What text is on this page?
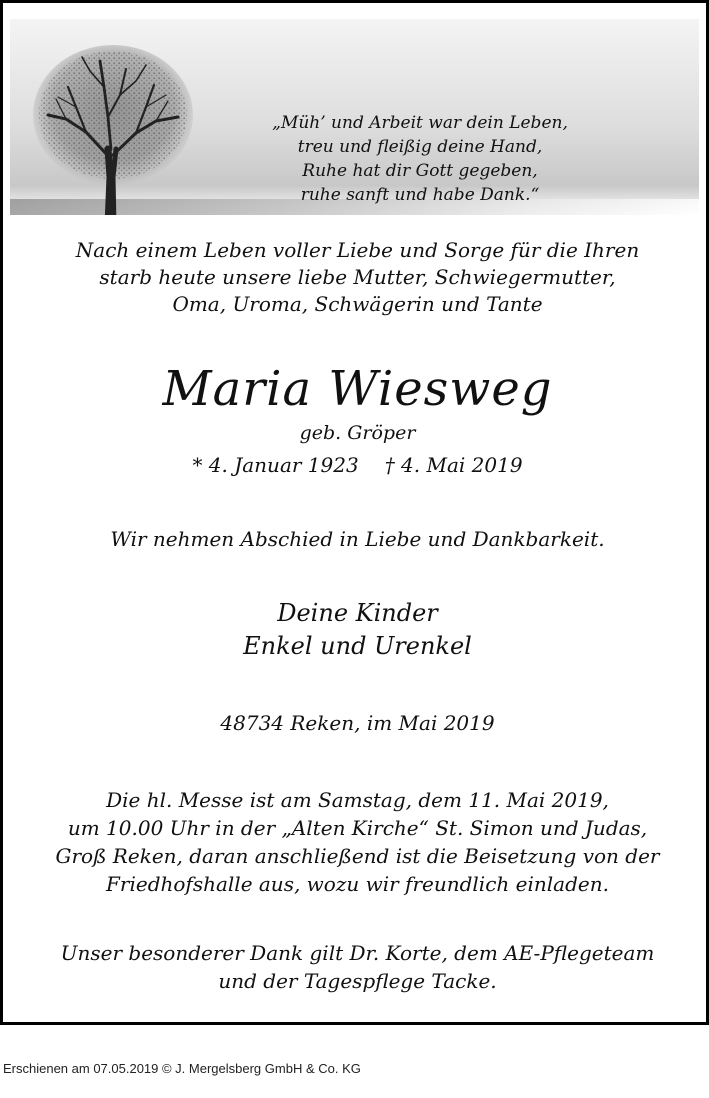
„Müh’ und Arbeit war dein Leben,
treu und fleißig deine Hand,
Ruhe hat dir Gott gegeben,
ruhe sanft und habe Dank.“
Nach einem Leben voller Liebe und Sorge für die Ihren
starb heute unsere liebe Mutter, Schwiegermutter,
Oma, Uroma, Schwägerin und Tante
Maria Wiesweg
geb. Gröper
* 4. Januar 1923 † 4. Mai 2019
Wir nehmen Abschied in Liebe und Dankbarkeit.
Deine Kinder
Enkel und Urenkel
48734 Reken, im Mai 2019
Die hl. Messe ist am Samstag, dem 11. Mai 2019,
um 10.00 Uhr in der „Alten Kirche“ St. Simon und Judas,
Groß Reken, daran anschließend ist die Beisetzung von der
Friedhofshalle aus, wozu wir freundlich einladen.
Unser besonderer Dank gilt Dr. Korte, dem AE-Pflegeteam
und der Tagespflege Tacke.
Erschienen am 07.05.2019 © J. Mergelsberg GmbH & Co. KG
